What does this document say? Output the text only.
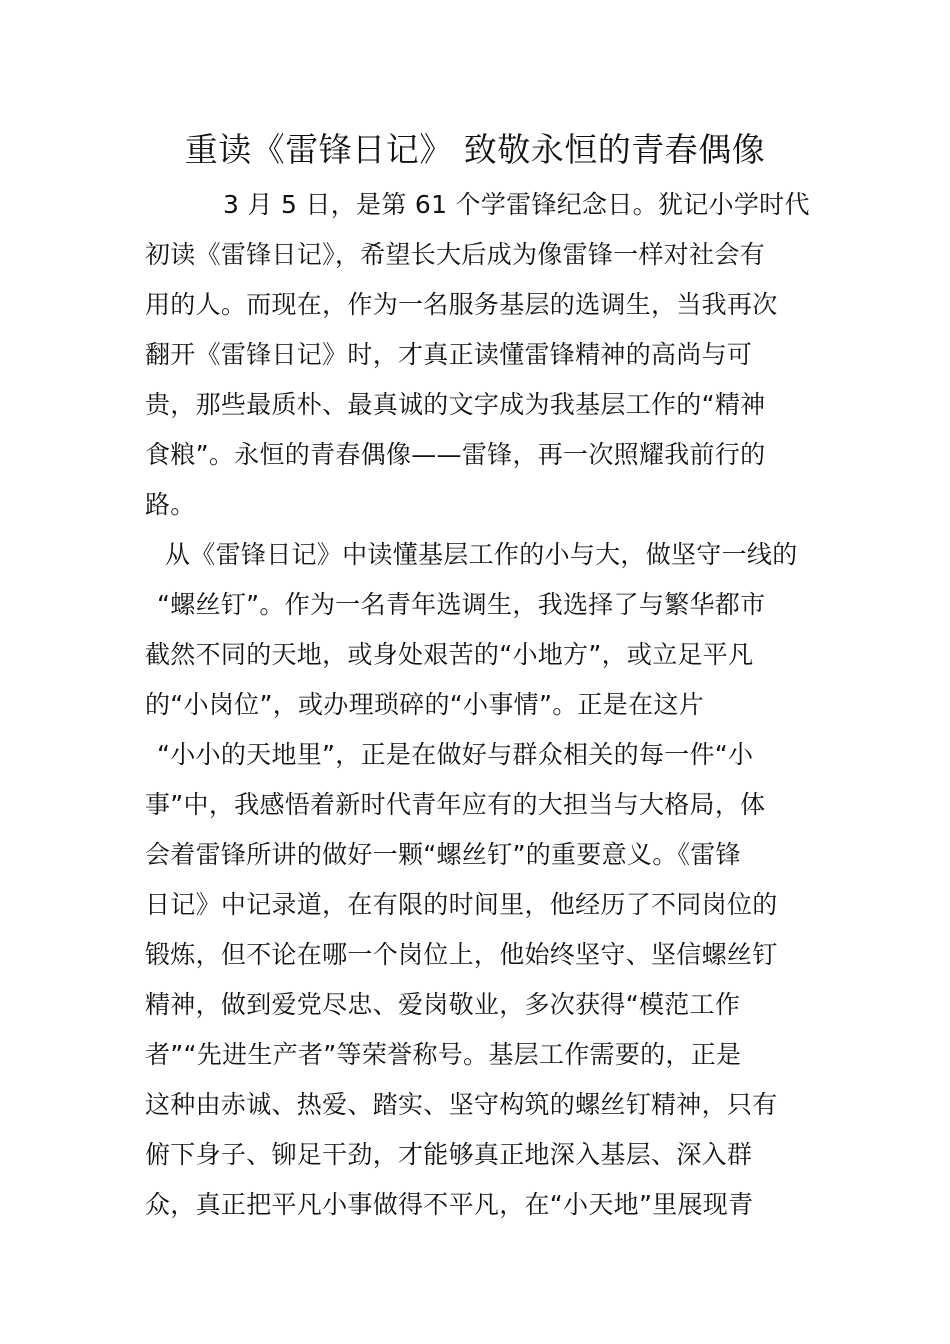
重读《雷锋日记》 致敬永恒的青春偶像
3 月 5 日，是第 61 个学雷锋纪念日。犹记小学时代
初读《雷锋日记》，希望长大后成为像雷锋一样对社会有
用的人。而现在，作为一名服务基层的选调生，当我再次
翻开《雷锋日记》时，才真正读懂雷锋精神的高尚与可
贵，那些最质朴、最真诚的文字成为我基层工作的“精神
食粮”。永恒的青春偶像——雷锋，再一次照耀我前行的
路。
从《雷锋日记》中读懂基层工作的小与大，做坚守一线的
“螺丝钉”。作为一名青年选调生，我选择了与繁华都市
截然不同的天地，或身处艰苦的“小地方”，或立足平凡
的“小岗位”，或办理琐碎的“小事情”。正是在这片
“小小的天地里”，正是在做好与群众相关的每一件“小
事”中，我感悟着新时代青年应有的大担当与大格局，体
会着雷锋所讲的做好一颗“螺丝钉”的重要意义。《雷锋
日记》中记录道，在有限的时间里，他经历了不同岗位的
锻炼，但不论在哪一个岗位上，他始终坚守、坚信螺丝钉
精神，做到爱党尽忠、爱岗敬业，多次获得“模范工作
者”“先进生产者”等荣誉称号。基层工作需要的，正是
这种由赤诚、热爱、踏实、坚守构筑的螺丝钉精神，只有
俯下身子、铆足干劲，才能够真正地深入基层、深入群
众，真正把平凡小事做得不平凡，在“小天地”里展现青
